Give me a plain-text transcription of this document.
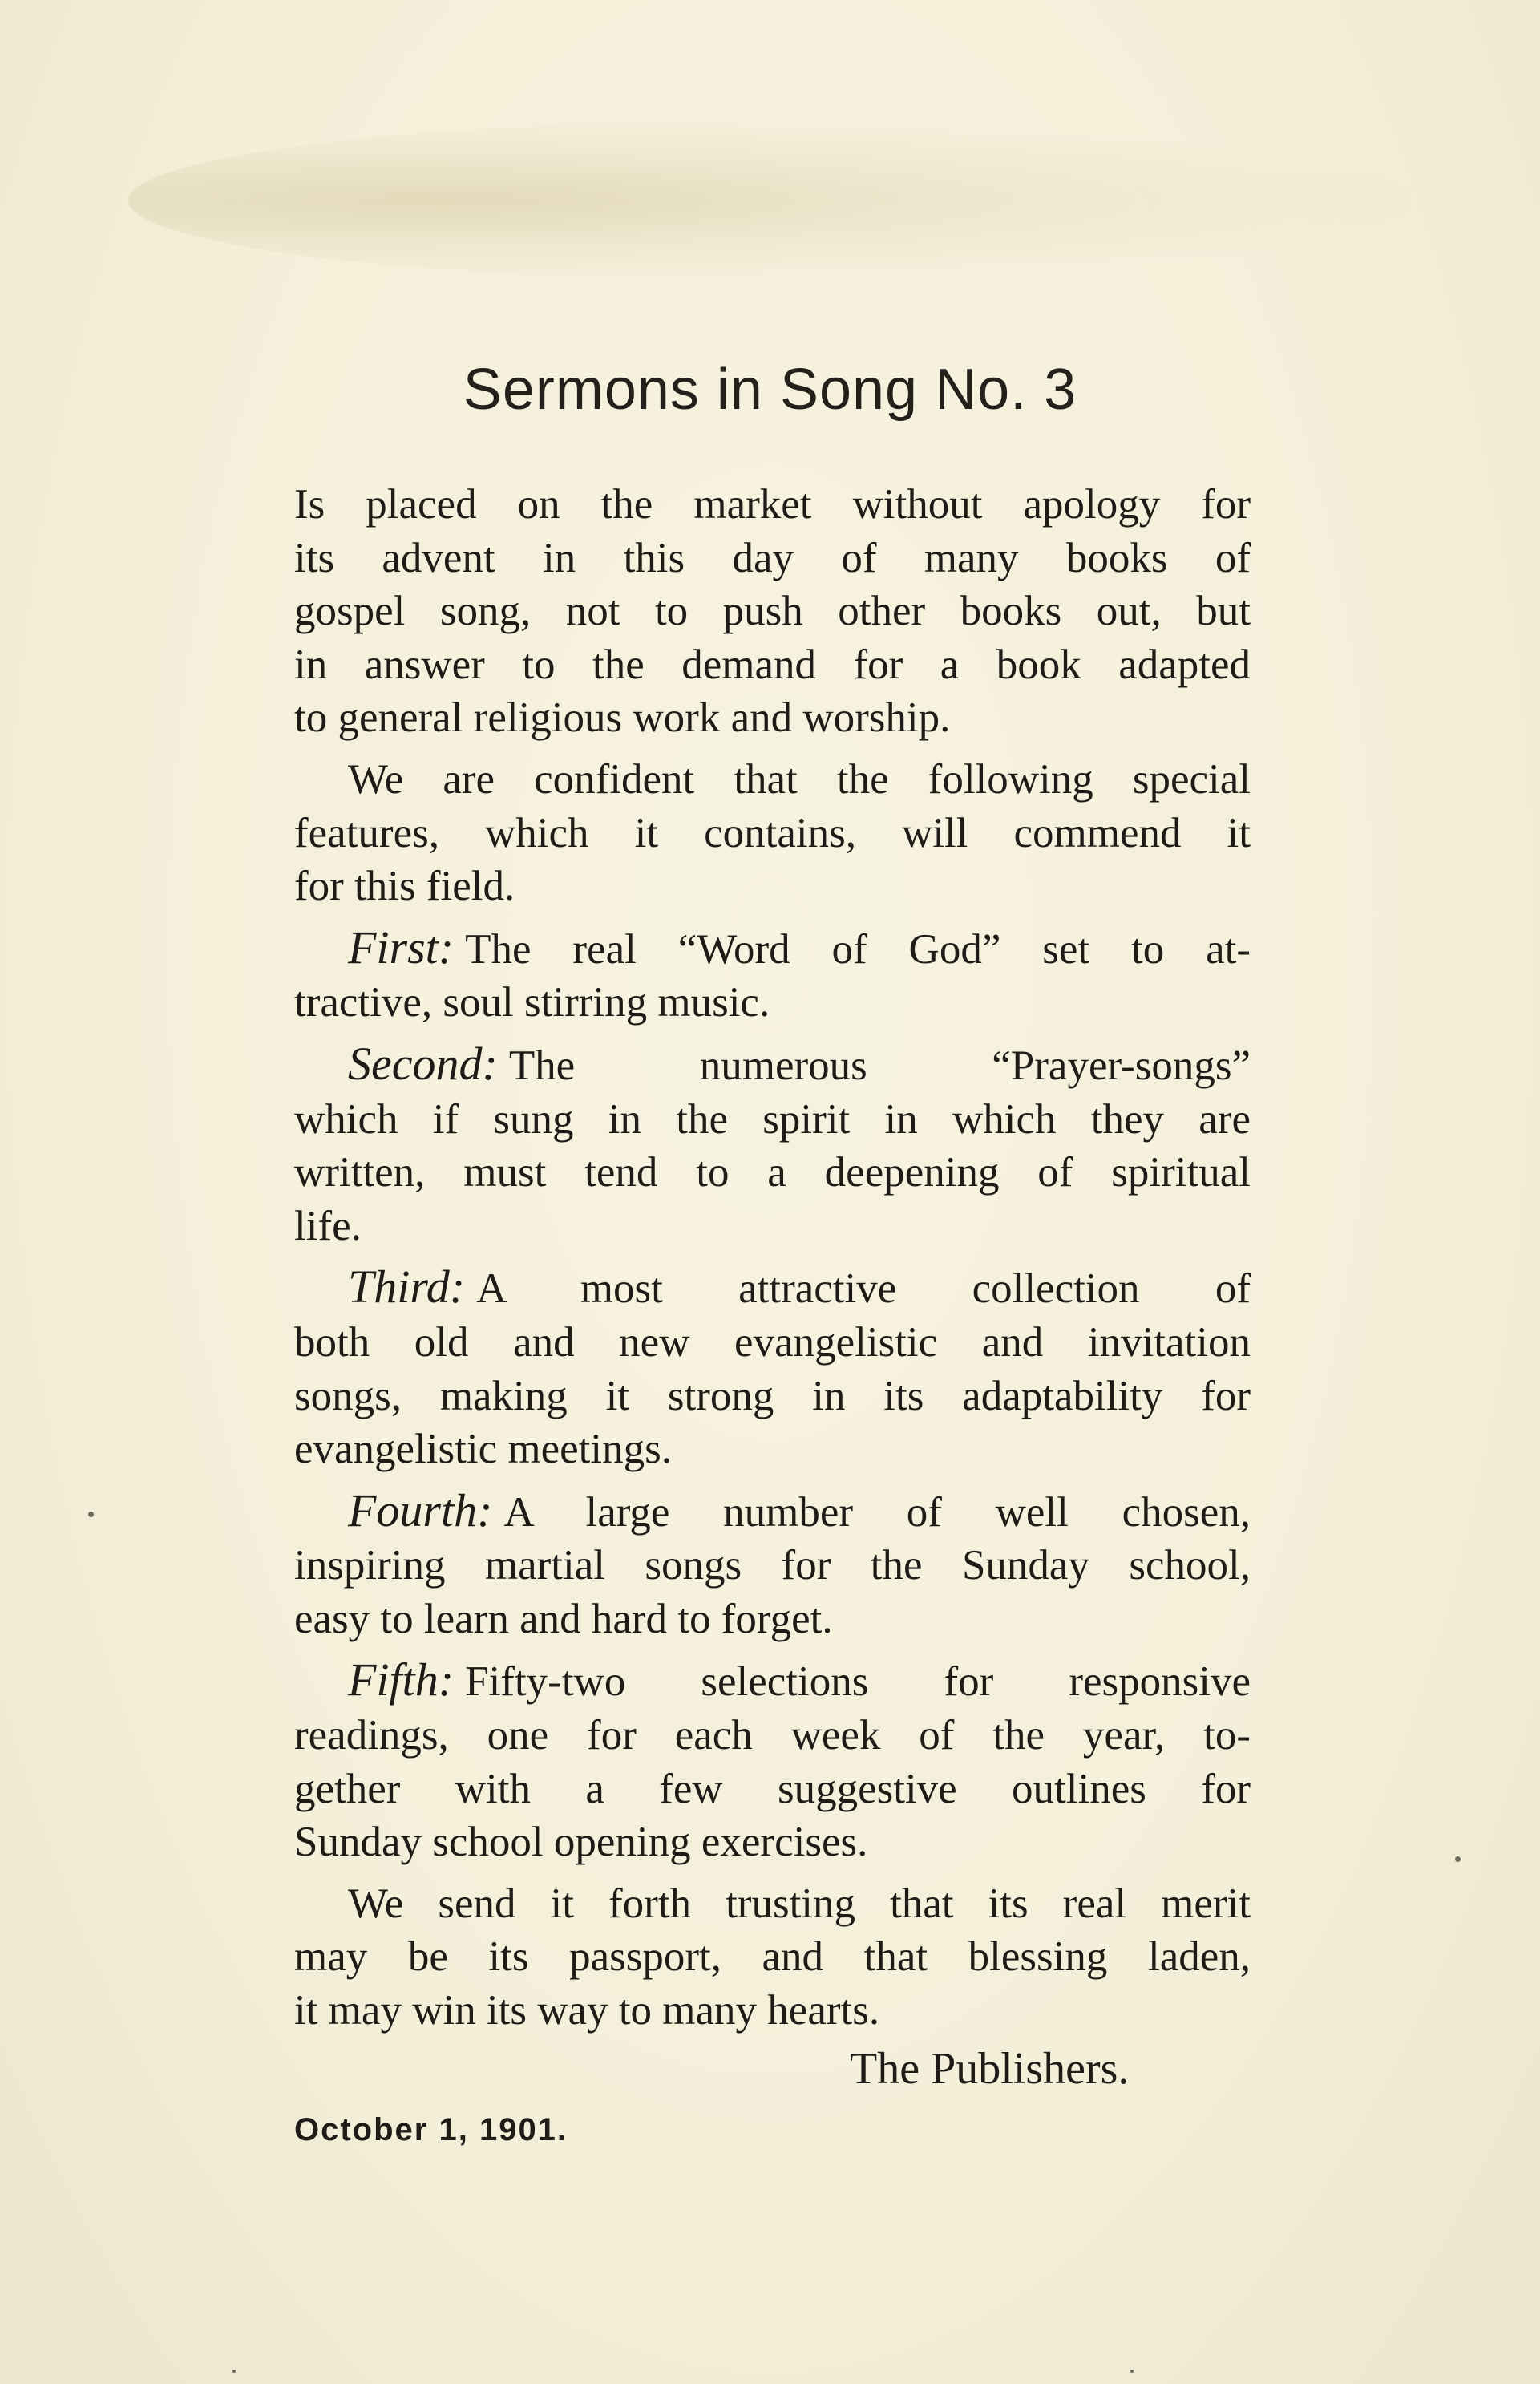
Sermons in Song No. 3

Is placed on the market without apology for
its advent in this day of many books of
gospel song, not to push other books out, but
in answer to the demand for a book adapted
to general religious work and worship.

We are confident that the following special
features, which it contains, will commend it
for this field.

First: The real “Word of God” set to at-
tractive, soul stirring music.

Second: The numerous “Prayer-songs”
which if sung in the spirit in which they are
written, must tend to a deepening of spiritual
life.

Third: A most attractive collection of
both old and new evangelistic and invitation
songs, making it strong in its adaptability for
evangelistic meetings.

Fourth: A large number of well chosen,
inspiring martial songs for the Sunday school,
easy to learn and hard to forget.

Fifth: Fifty-two selections for responsive
readings, one for each week of the year, to-
gether with a few suggestive outlines for
Sunday school opening exercises.

We send it forth trusting that its real merit
may be its passport, and that blessing laden,
it may win its way to many hearts.

The Publishers.
October 1, 1901.
